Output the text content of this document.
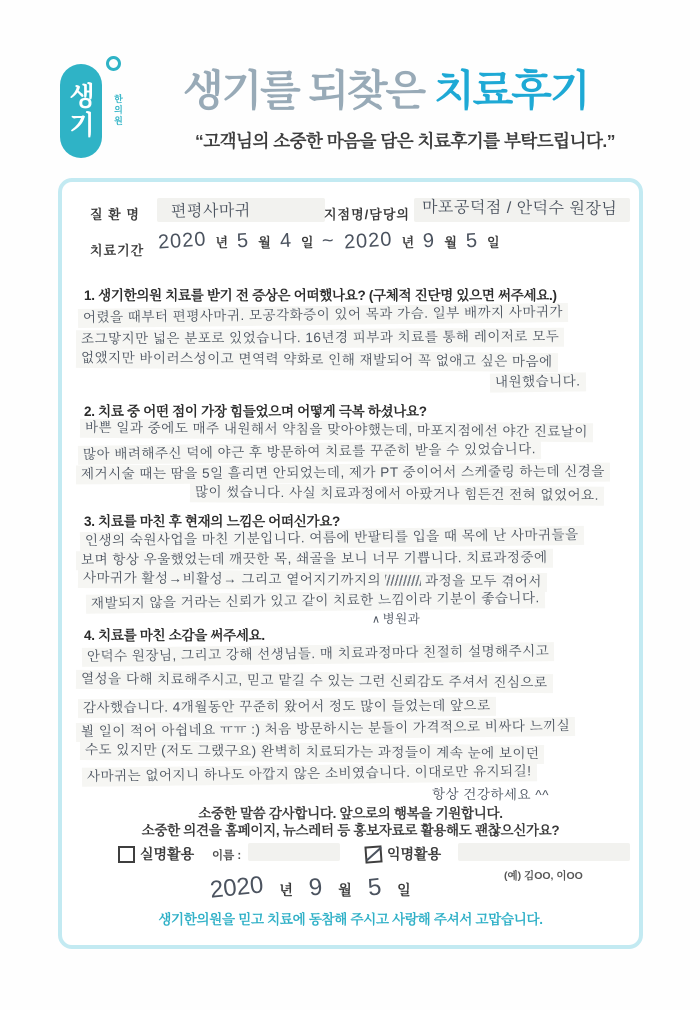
생기	한의원 생기를 되찾은 치료후기
“고객님의 소중한 마음을 담은 치료후기를 부탁드립니다.”
질 환 명	편평사마귀	지점명/담당의 마포공덕점 / 안덕수 원장님
치료기간 2020 년 5 월 4 일 ~ 2020 년 9 월 5 일
1. 생기한의원 치료를 받기 전 증상은 어떠했나요? (구체적 진단명 있으면 써주세요.)
어렸을 때부터 편평사마귀. 모공각화증이 있어 목과 가슴. 일부 배까지 사마귀가
조그맣지만 넓은 분포로 있었습니다. 16년경 피부과 치료를 통해 레이저로 모두
없앴지만 바이러스성이고 면역력 약화로 인해 재발되어 꼭 없애고 싶은 마음에
내원했습니다.
2. 치료 중 어떤 점이 가장 힘들었으며 어떻게 극복 하셨나요?
바쁜 일과 중에도 매주 내원해서 약침을 맞아야했는데, 마포지점에선 야간 진료날이
많아 배려해주신 덕에 야근 후 방문하여 치료를 꾸준히 받을 수 있었습니다.
제거시술 때는 땀을 5일 흘리면 안되었는데, 제가 PT 중이어서 스케줄링 하는데 신경을
많이 썼습니다. 사실 치료과정에서 아팠거나 힘든건 전혀 없었어요.
3. 치료를 마친 후 현재의 느낌은 어떠신가요?
인생의 숙원사업을 마친 기분입니다. 여름에 반팔티를 입을 때 목에 난 사마귀들을
보며 항상 우울했었는데 깨끗한 목, 쇄골을 보니 너무 기쁩니다. 치료과정중에
사마귀가 활성→비활성→ 그리고 옅어지기까지의	과정을 모두 겪어서
재발되지 않을 거라는 신뢰가 있고 같이 치료한 느낌이라 기분이 좋습니다.
∧ 병원과
4. 치료를 마친 소감을 써주세요.
안덕수 원장님, 그리고 강해 선생님들. 매 치료과정마다 친절히 설명해주시고
열성을 다해 치료해주시고, 믿고 맡길 수 있는 그런 신뢰감도 주셔서 진심으로
감사했습니다. 4개월동안 꾸준히 왔어서 정도 많이 들었는데 앞으로
뵐 일이 적어 아쉽네요 ㅠㅠ :) 처음 방문하시는 분들이 가격적으로 비싸다 느끼실
수도 있지만 (저도 그랬구요) 완벽히 치료되가는 과정들이 계속 눈에 보이던
사마귀는 없어지니 하나도 아깝지 않은 소비였습니다. 이대로만 유지되길!
항상 건강하세요 ^^
소중한 말씀 감사합니다. 앞으로의 행복을 기원합니다.
소중한 의견을 홈페이지, 뉴스레터 등 홍보자료로 활용해도 괜찮으신가요?
실명활용 이름 :	익명활용
(예) 김OO, 이OO
2020 년 9 월 5 일
생기한의원을 믿고 치료에 동참해 주시고 사랑해 주셔서 고맙습니다.
